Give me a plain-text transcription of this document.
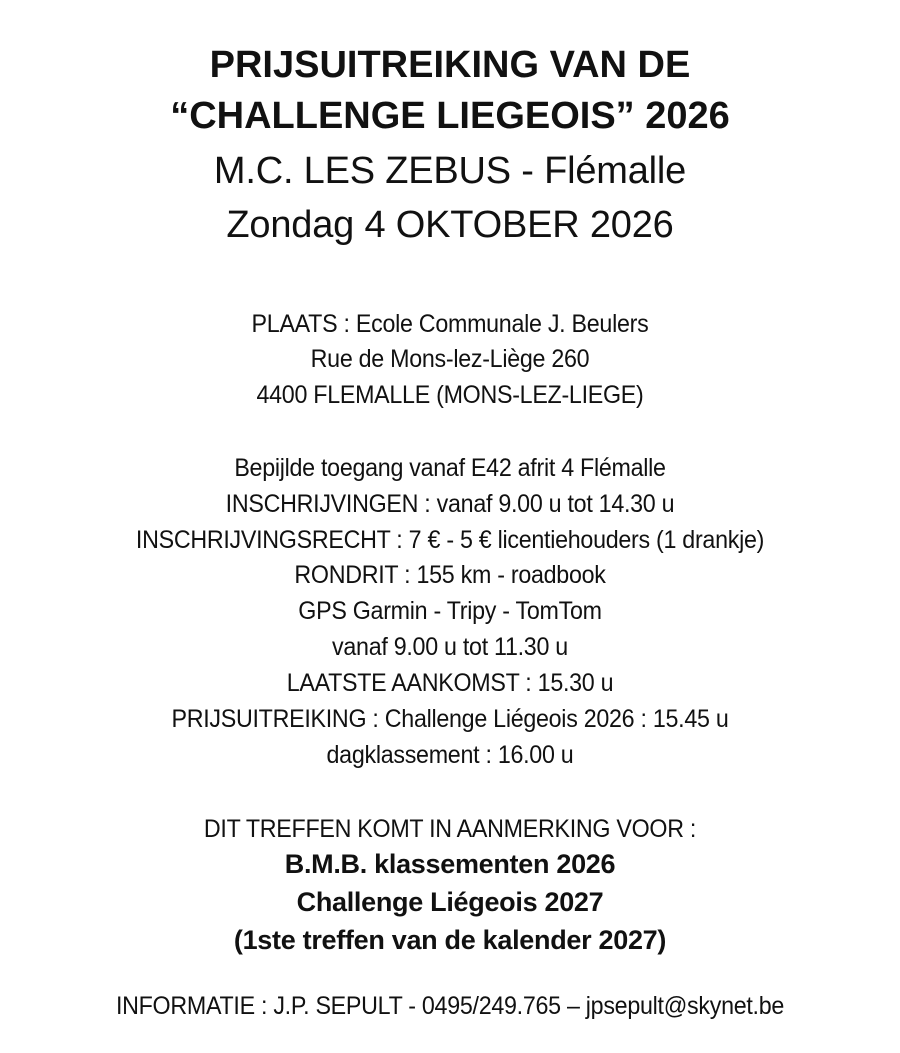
PRIJSUITREIKING VAN DE
“CHALLENGE LIEGEOIS” 2026
M.C. LES ZEBUS - Flémalle
Zondag 4 OKTOBER 2026
PLAATS : Ecole Communale J. Beulers
Rue de Mons-lez-Liège 260
4400 FLEMALLE (MONS-LEZ-LIEGE)
Bepijlde toegang vanaf E42 afrit 4 Flémalle
INSCHRIJVINGEN : vanaf 9.00 u tot 14.30 u
INSCHRIJVINGSRECHT : 7 € - 5 € licentiehouders (1 drankje)
RONDRIT : 155 km - roadbook
GPS Garmin - Tripy - TomTom
vanaf 9.00 u tot 11.30 u
LAATSTE AANKOMST : 15.30 u
PRIJSUITREIKING : Challenge Liégeois 2026 : 15.45 u
dagklassement : 16.00 u
DIT TREFFEN KOMT IN AANMERKING VOOR :
B.M.B. klassementen 2026
Challenge Liégeois 2027
(1ste treffen van de kalender 2027)
INFORMATIE : J.P. SEPULT - 0495/249.765 – jpsepult@skynet.be
